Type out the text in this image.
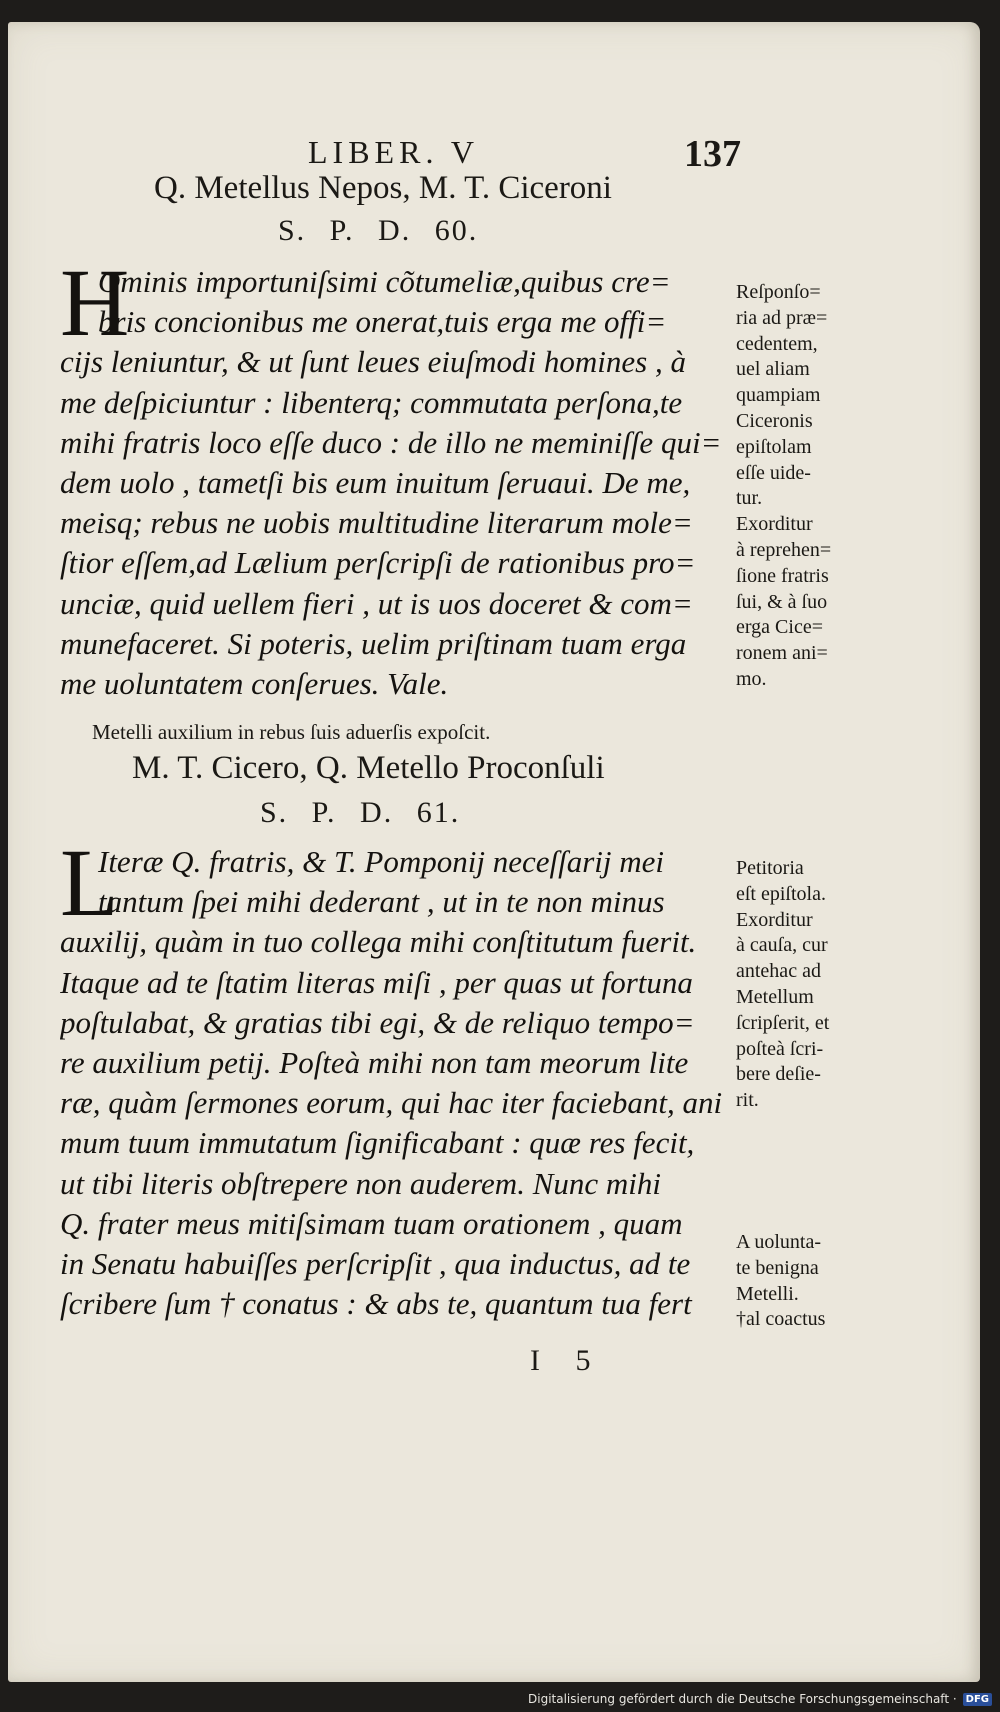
LIBER. V	137
Q. Metellus Nepos, M. T. Ciceroni
S. P. D. 60.
H
Ominis importuniſsimi cõtumeliæ,quibus cre=
bris concionibus me onerat,tuis erga me offi=
cijs leniuntur, & ut ſunt leues eiuſmodi homines , à
me deſpiciuntur : libenterq; commutata perſona,te
mihi fratris loco eſſe duco : de illo ne meminiſſe qui=
dem uolo , tametſi bis eum inuitum ſeruaui. De me,
meisq; rebus ne uobis multitudine literarum mole=
ſtior eſſem,ad Lælium perſcripſi de rationibus pro=
unciæ, quid uellem fieri , ut is uos doceret & com=
munefaceret. Si poteris, uelim priſtinam tuam erga
me uoluntatem conſerues. Vale.
Reſponſo=
ria ad præ=
cedentem,
uel aliam
quampiam
Ciceronis
epiſtolam
eſſe uide-
tur.
Exorditur
à reprehen=
ſione fratris
ſui, & à ſuo
erga Cice=
ronem ani=
mo.
Metelli auxilium in rebus ſuis aduerſis expoſcit.
M. T. Cicero, Q. Metello Proconſuli
S. P. D. 61.
L
Iteræ Q. fratris, & T. Pomponij neceſſarij mei
tantum ſpei mihi dederant , ut in te non minus
auxilij, quàm in tuo collega mihi conſtitutum fuerit.
Itaque ad te ſtatim literas miſi , per quas ut fortuna
poſtulabat, & gratias tibi egi, & de reliquo tempo=
re auxilium petij. Poſteà mihi non tam meorum lite
ræ, quàm ſermones eorum, qui hac iter faciebant, ani
mum tuum immutatum ſignificabant : quæ res fecit,
ut tibi literis obſtrepere non auderem. Nunc mihi
Q. frater meus mitiſsimam tuam orationem , quam
in Senatu habuiſſes perſcripſit , qua inductus, ad te
ſcribere ſum † conatus : & abs te, quantum tua fert
Petitoria
eſt epiſtola.
Exorditur
à cauſa, cur
antehac ad
Metellum
ſcripſerit, et
poſteà ſcri-
bere deſie-
rit.
A uolunta-
te benigna
Metelli.
†al coactus
I 5
Digitalisierung gefördert durch die Deutsche Forschungsgemeinschaft · DFG
